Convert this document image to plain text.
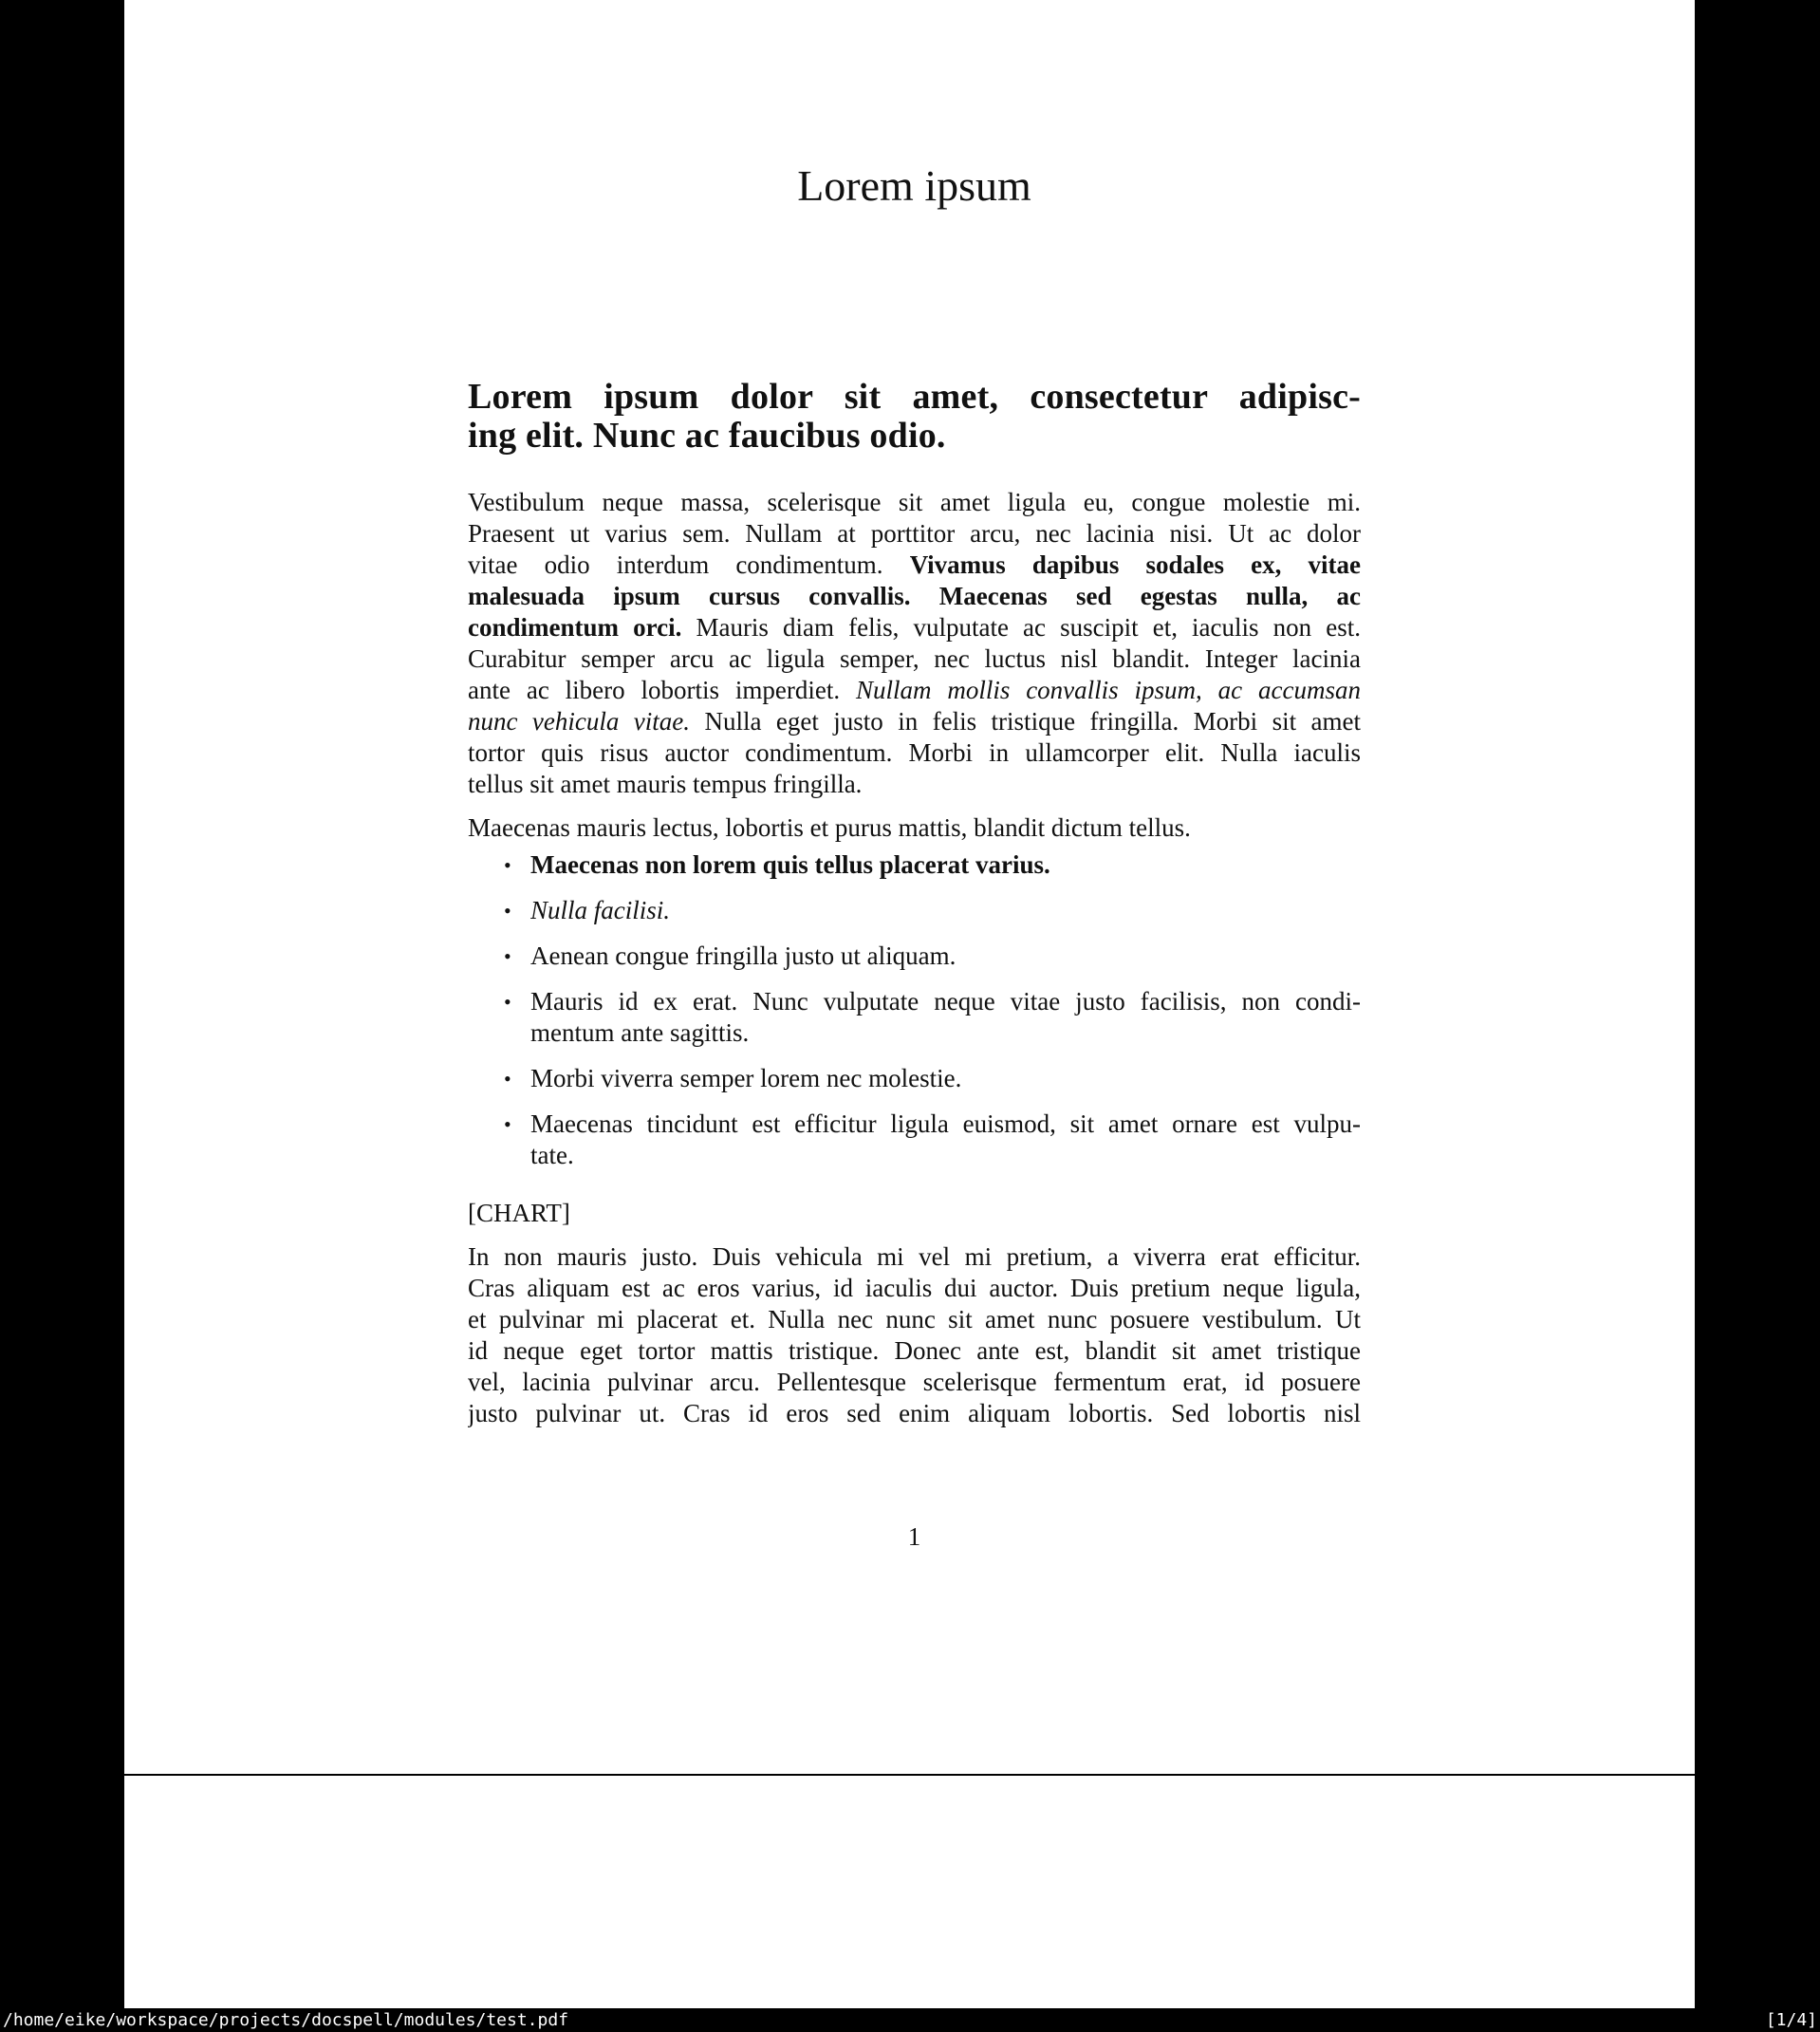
Lorem ipsum
Lorem ipsum dolor sit amet, consectetur adipisc-
ing elit. Nunc ac faucibus odio.
Vestibulum neque massa, scelerisque sit amet ligula eu, congue molestie mi.
Praesent ut varius sem. Nullam at porttitor arcu, nec lacinia nisi. Ut ac dolor
vitae odio interdum condimentum. Vivamus dapibus sodales ex, vitae
malesuada ipsum cursus convallis. Maecenas sed egestas nulla, ac
condimentum orci. Mauris diam felis, vulputate ac suscipit et, iaculis non est.
Curabitur semper arcu ac ligula semper, nec luctus nisl blandit. Integer lacinia
ante ac libero lobortis imperdiet. Nullam mollis convallis ipsum, ac accumsan
nunc vehicula vitae. Nulla eget justo in felis tristique fringilla. Morbi sit amet
tortor quis risus auctor condimentum. Morbi in ullamcorper elit. Nulla iaculis
tellus sit amet mauris tempus fringilla.
Maecenas mauris lectus, lobortis et purus mattis, blandit dictum tellus.
• Maecenas non lorem quis tellus placerat varius.
• Nulla facilisi.
• Aenean congue fringilla justo ut aliquam.
• Mauris id ex erat. Nunc vulputate neque vitae justo facilisis, non condi-
mentum ante sagittis.
• Morbi viverra semper lorem nec molestie.
• Maecenas tincidunt est efficitur ligula euismod, sit amet ornare est vulpu-
tate.
[CHART]
In non mauris justo. Duis vehicula mi vel mi pretium, a viverra erat efficitur.
Cras aliquam est ac eros varius, id iaculis dui auctor. Duis pretium neque ligula,
et pulvinar mi placerat et. Nulla nec nunc sit amet nunc posuere vestibulum. Ut
id neque eget tortor mattis tristique. Donec ante est, blandit sit amet tristique
vel, lacinia pulvinar arcu. Pellentesque scelerisque fermentum erat, id posuere
justo pulvinar ut. Cras id eros sed enim aliquam lobortis. Sed lobortis nisl
1
/home/eike/workspace/projects/docspell/modules/test.pdf	[1/4]
